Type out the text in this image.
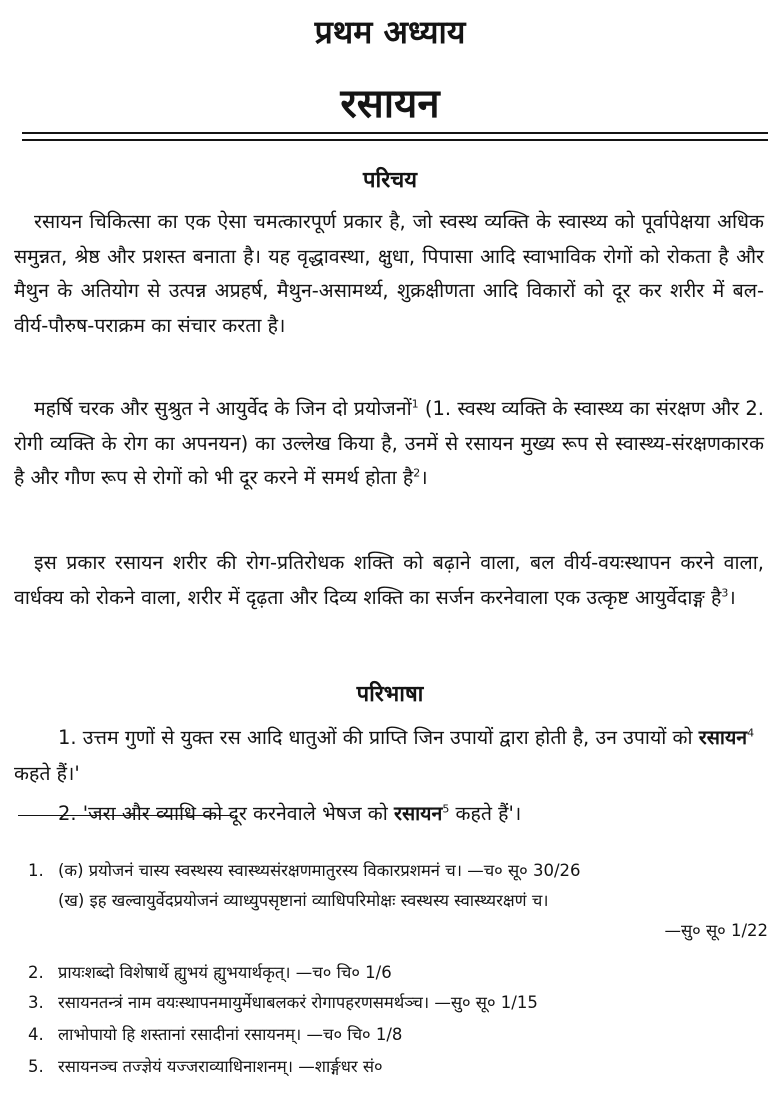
प्रथम अध्याय
रसायन
परिचय

रसायन चिकित्सा का एक ऐसा चमत्कारपूर्ण प्रकार है, जो स्वस्थ व्यक्ति के स्वास्थ्य को पूर्वापेक्षया अधिक समुन्नत, श्रेष्ठ और प्रशस्त बनाता है। यह वृद्धावस्था, क्षुधा, पिपासा आदि स्वाभाविक रोगों को रोकता है और मैथुन के अतियोग से उत्पन्न अप्रहर्ष, मैथुन-असामर्थ्य, शुक्रक्षीणता आदि विकारों को दूर कर शरीर में बल-वीर्य-पौरुष-पराक्रम का संचार करता है।

महर्षि चरक और सुश्रुत ने आयुर्वेद के जिन दो प्रयोजनों$^1$ (1. स्वस्थ व्यक्ति के स्वास्थ्य का संरक्षण और 2. रोगी व्यक्ति के रोग का अपनयन) का उल्लेख किया है, उनमें से रसायन मुख्य रूप से स्वास्थ्य-संरक्षणकारक है और गौण रूप से रोगों को भी दूर करने में समर्थ होता है$^2$।

इस प्रकार रसायन शरीर की रोग-प्रतिरोधक शक्ति को बढ़ाने वाला, बल वीर्य-वयःस्थापन करने वाला, वार्धक्य को रोकने वाला, शरीर में दृढ़ता और दिव्य शक्ति का सर्जन करनेवाला एक उत्कृष्ट आयुर्वेदाङ्ग है$^3$।

परिभाषा

1. उत्तम गुणों से युक्त रस आदि धातुओं की प्राप्ति जिन उपायों द्वारा होती है, उन उपायों को रसायन$^4$ कहते हैं।'

2. 'जरा और व्याधि को दूर करनेवाले भेषज को रसायन$^5$ कहते हैं'।

1. (क) प्रयोजनं चास्य स्वस्थस्य स्वास्थ्यसंरक्षणमातुरस्य विकारप्रशमनं च। —च० सू० 30/26
(ख) इह खल्वायुर्वेदप्रयोजनं व्याध्युपसृष्टानां व्याधिपरिमोक्षः स्वस्थस्य स्वास्थ्यरक्षणं च।
—सु० सू० 1/22
2. प्रायःशब्दो विशेषार्थे ह्युभयं ह्युभयार्थकृत्। —च० चि० 1/6
3. रसायनतन्त्रं नाम वयःस्थापनमायुर्मेधाबलकरं रोगापहरणसमर्थञ्च। —सु० सू० 1/15
4. लाभोपायो हि शस्तानां रसादीनां रसायनम्। —च० चि० 1/8
5. रसायनञ्च तज्ज्ञेयं यज्जराव्याधिनाशनम्। —शार्ङ्गधर सं०
